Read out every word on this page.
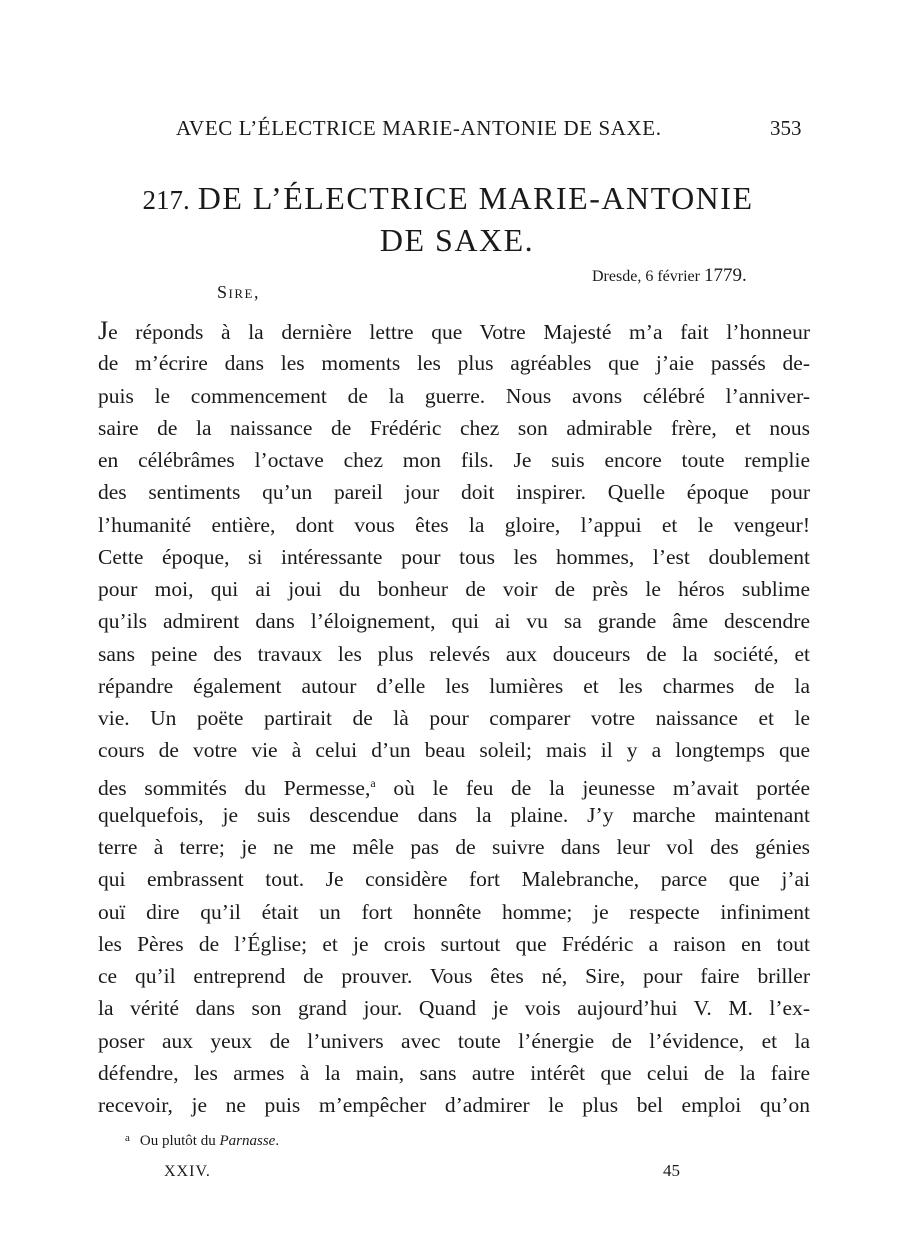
AVEC L’ÉLECTRICE MARIE-ANTONIE DE SAXE.	353
217. DE L’ÉLECTRICE MARIE-ANTONIE
DE SAXE.
Dresde, 6 février 1779.
Sire,
Je réponds à la dernière lettre que Votre Majesté m’a fait l’honneur
de m’écrire dans les moments les plus agréables que j’aie passés de-
puis le commencement de la guerre. Nous avons célébré l’anniver-
saire de la naissance de Frédéric chez son admirable frère, et nous
en célébrâmes l’octave chez mon fils. Je suis encore toute remplie
des sentiments qu’un pareil jour doit inspirer. Quelle époque pour
l’humanité entière, dont vous êtes la gloire, l’appui et le vengeur!
Cette époque, si intéressante pour tous les hommes, l’est doublement
pour moi, qui ai joui du bonheur de voir de près le héros sublime
qu’ils admirent dans l’éloignement, qui ai vu sa grande âme descendre
sans peine des travaux les plus relevés aux douceurs de la société, et
répandre également autour d’elle les lumières et les charmes de la
vie. Un poëte partirait de là pour comparer votre naissance et le
cours de votre vie à celui d’un beau soleil; mais il y a longtemps que
des sommités du Permesse,$^a$ où le feu de la jeunesse m’avait portée
quelquefois, je suis descendue dans la plaine. J’y marche maintenant
terre à terre; je ne me mêle pas de suivre dans leur vol des génies
qui embrassent tout. Je considère fort Malebranche, parce que j’ai
ouï dire qu’il était un fort honnête homme; je respecte infiniment
les Pères de l’Église; et je crois surtout que Frédéric a raison en tout
ce qu’il entreprend de prouver. Vous êtes né, Sire, pour faire briller
la vérité dans son grand jour. Quand je vois aujourd’hui V. M. l’ex-
poser aux yeux de l’univers avec toute l’énergie de l’évidence, et la
défendre, les armes à la main, sans autre intérêt que celui de la faire
recevoir, je ne puis m’empêcher d’admirer le plus bel emploi qu’on
$^a$ Ou plutôt du Parnasse.
XXIV.	45
